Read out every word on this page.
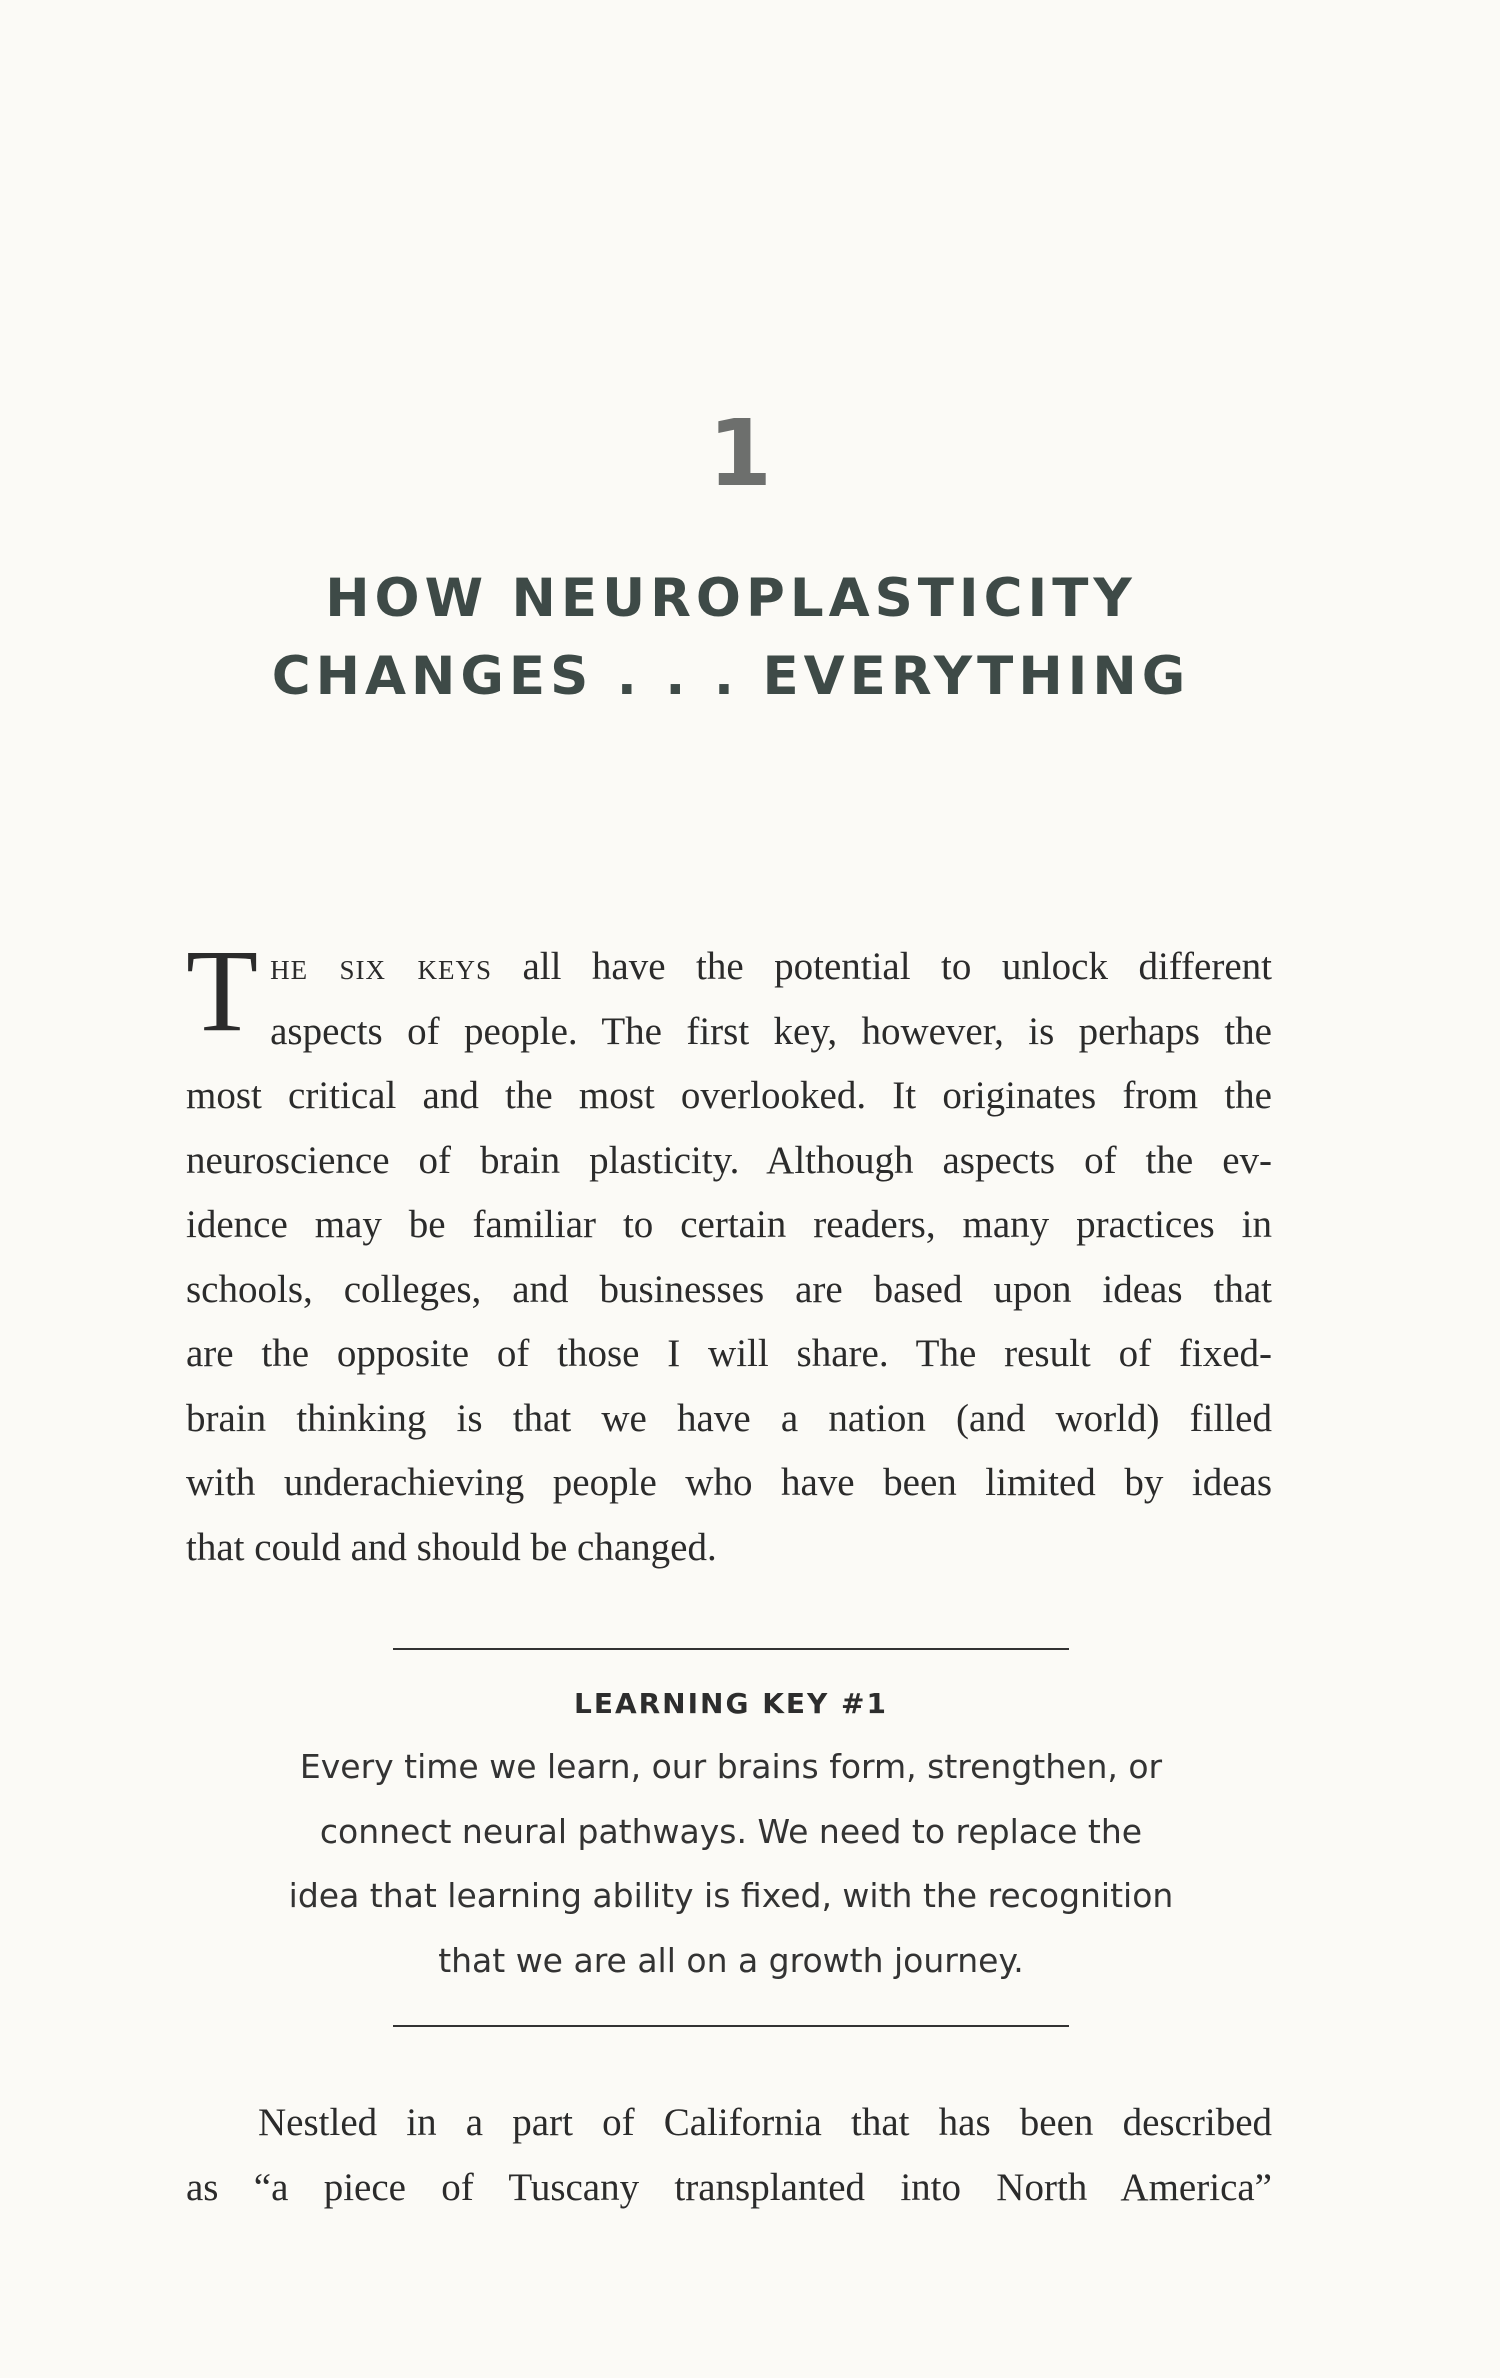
1
HOW NEUROPLASTICITY
CHANGES . . . EVERYTHING
T he six keys all have the potential to unlock different
aspects of people. The first key, however, is perhaps the
most critical and the most overlooked. It originates from the
neuroscience of brain plasticity. Although aspects of the ev-
idence may be familiar to certain readers, many practices in
schools, colleges, and businesses are based upon ideas that
are the opposite of those I will share. The result of fixed-
brain thinking is that we have a nation (and world) filled
with underachieving people who have been limited by ideas
that could and should be changed.
LEARNING KEY #1
Every time we learn, our brains form, strengthen, or
connect neural pathways. We need to replace the
idea that learning ability is fixed, with the recognition
that we are all on a growth journey.
Nestled in a part of California that has been described
as “a piece of Tuscany transplanted into North America”
